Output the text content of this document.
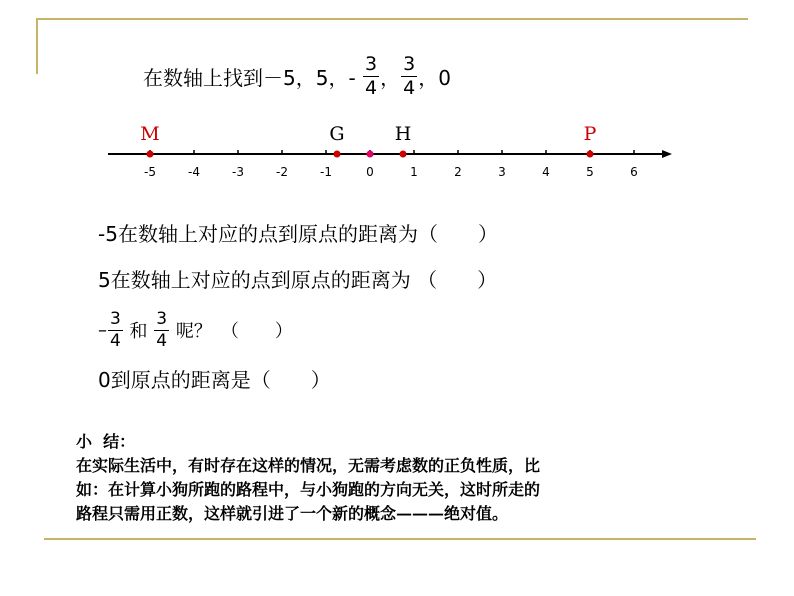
在数轴上找到－5，5，- $\frac{3}{4}$ ， $\frac{3}{4}$ ，0
-5	-4	-3	-2	-1	0	1	2	3	4	5	6
M	G	H	P
-5在数轴上对应的点到原点的距离为（　　）
5在数轴上对应的点到原点的距离为 （　　）
– $\frac{3}{4}$ 和 $\frac{3}{4}$ 呢？　（　　）
0到原点的距离是（　　）
小  结：
在实际生活中，有时存在这样的情况，无需考虑数的正负性质，比
如：在计算小狗所跑的路程中，与小狗跑的方向无关，这时所走的
路程只需用正数，这样就引进了一个新的概念———绝对值。
